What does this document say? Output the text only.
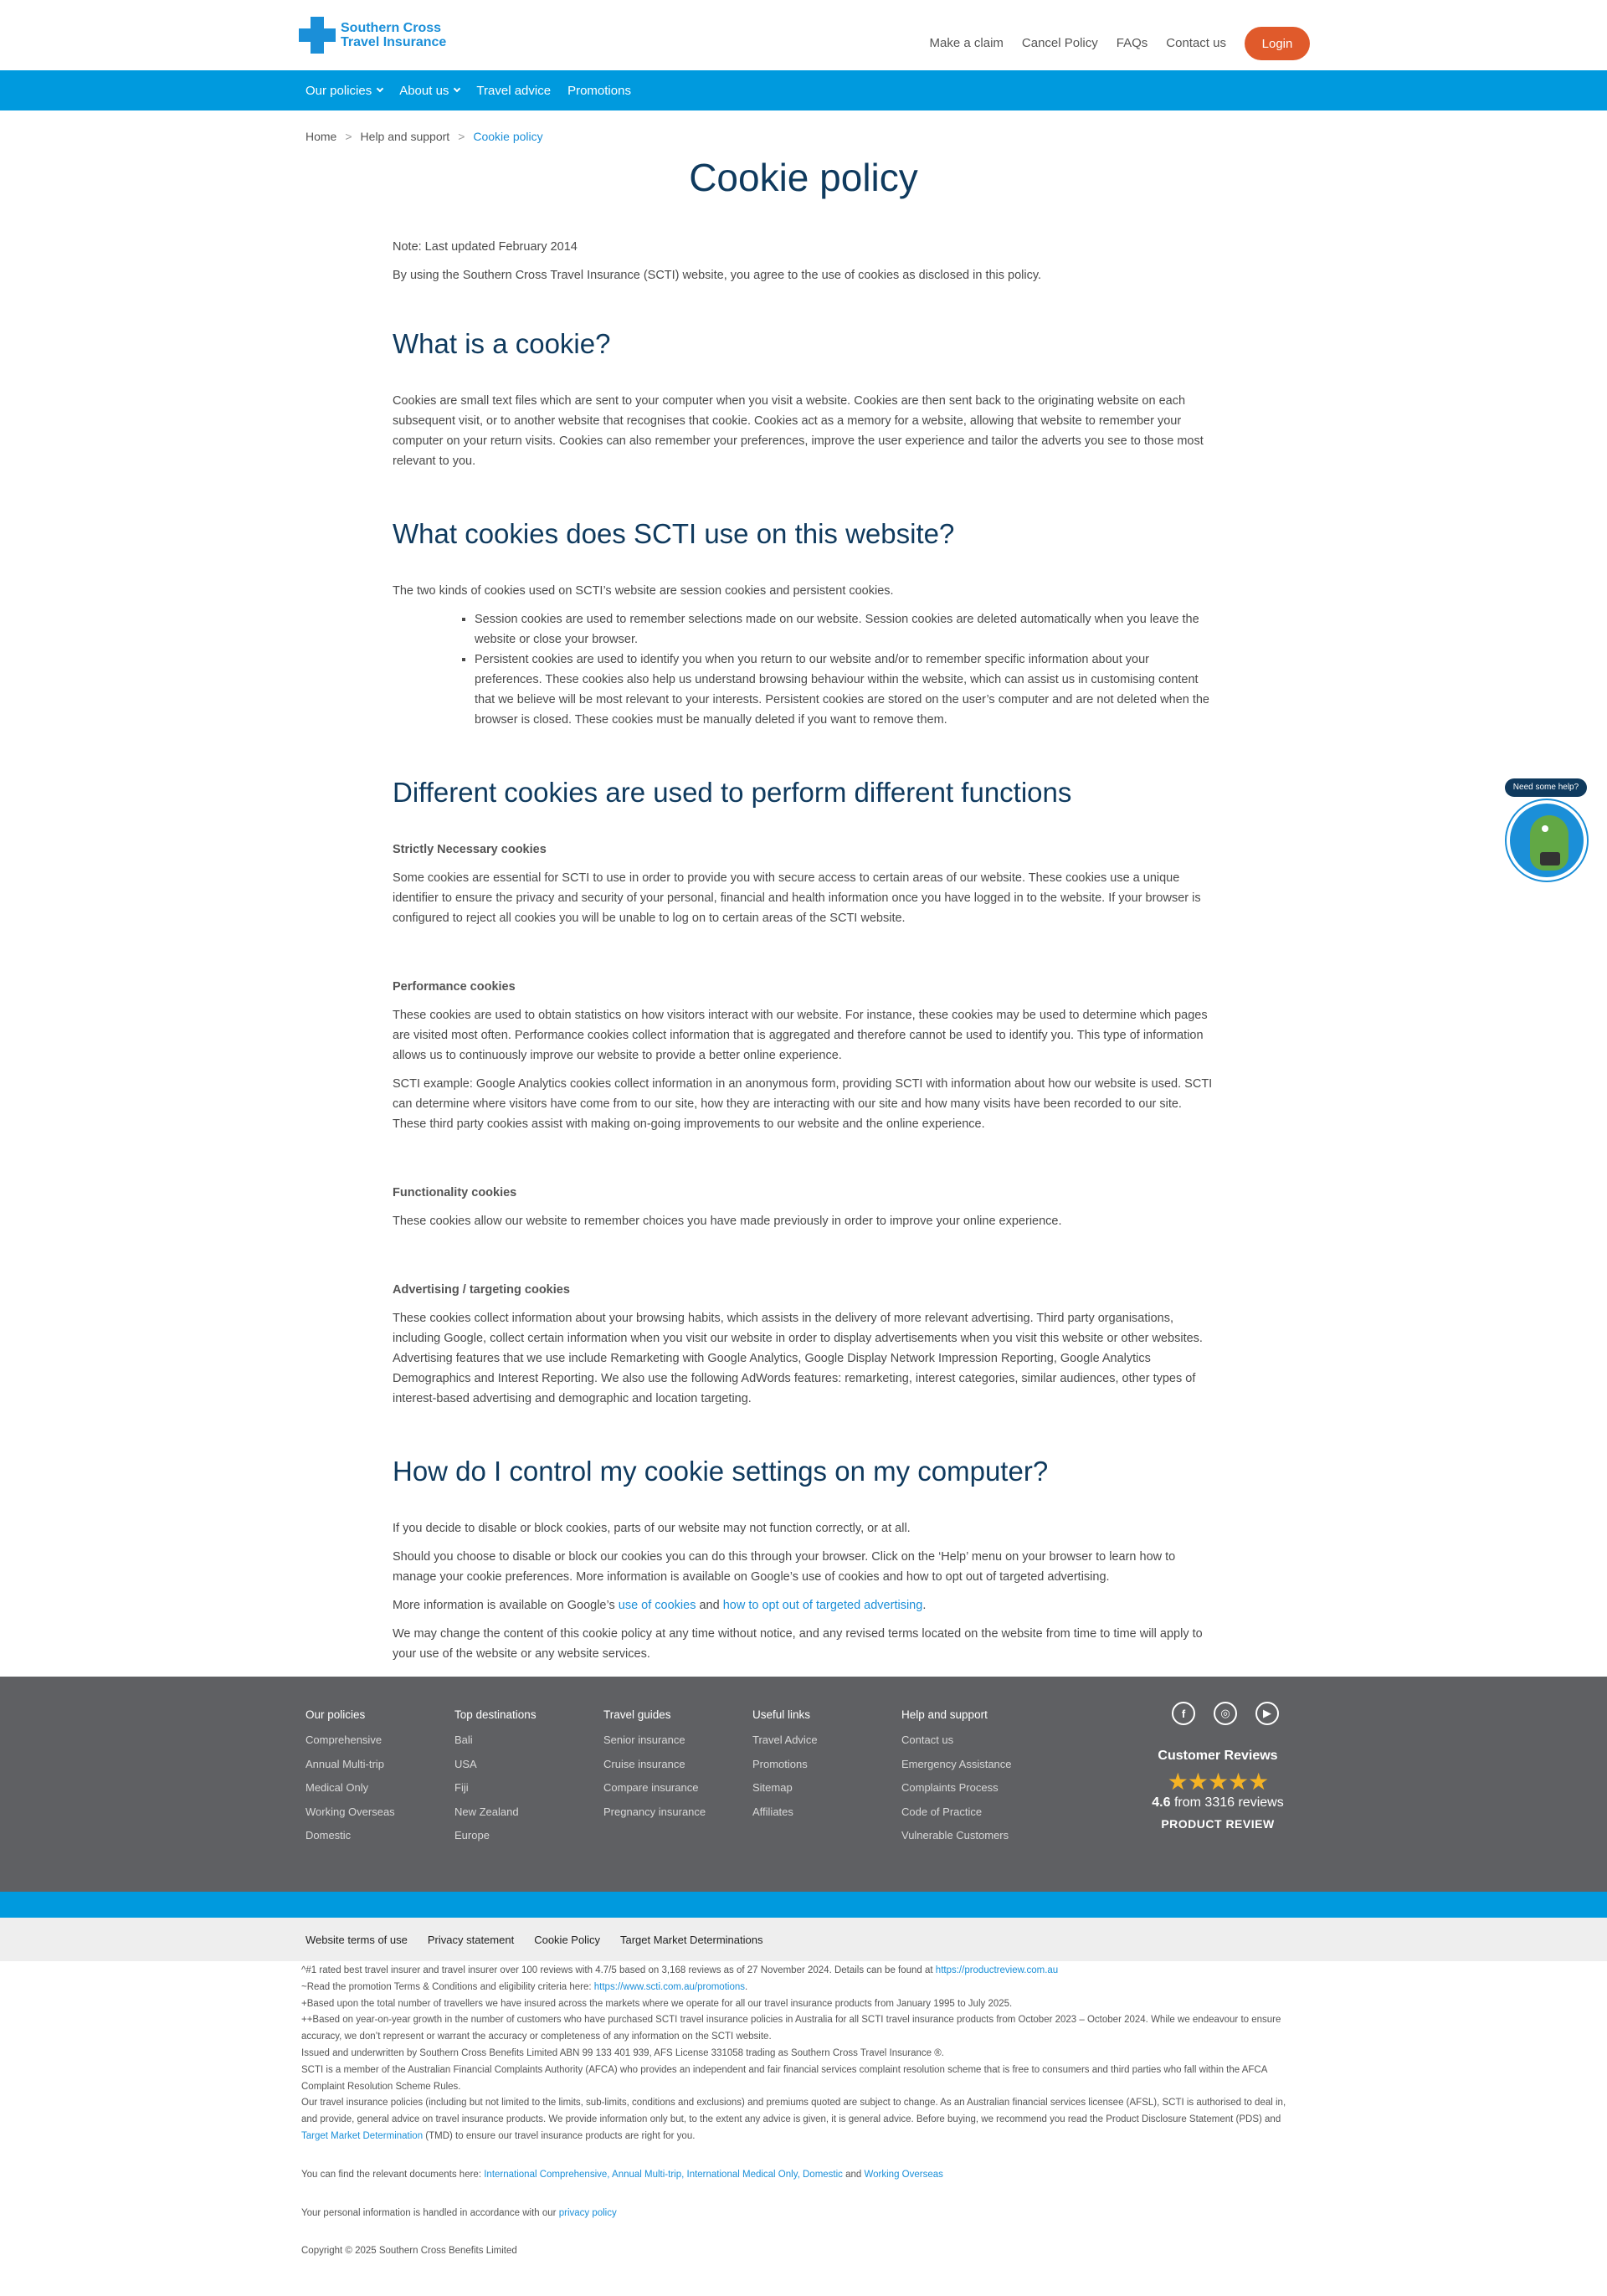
Southern Cross
Travel Insurance	Make a claim Cancel Policy FAQs Contact us	Login
Our policies About us Travel advice Promotions
Home > Help and support > Cookie policy
Cookie policy

Note: Last updated February 2014

By using the Southern Cross Travel Insurance (SCTI) website, you agree to the use of cookies as disclosed in this policy.

What is a cookie?

Cookies are small text files which are sent to your computer when you visit a website. Cookies are then sent back to the originating website on each subsequent visit, or to another website that recognises that cookie. Cookies act as a memory for a website, allowing that website to remember your computer on your return visits. Cookies can also remember your preferences, improve the user experience and tailor the adverts you see to those most relevant to you.

What cookies does SCTI use on this website?

The two kinds of cookies used on SCTI’s website are session cookies and persistent cookies.

▪ Session cookies are used to remember selections made on our website. Session cookies are deleted automatically when you leave the website or close your browser.
▪ Persistent cookies are used to identify you when you return to our website and/or to remember specific information about your preferences. These cookies also help us understand browsing behaviour within the website, which can assist us in customising content that we believe will be most relevant to your interests. Persistent cookies are stored on the user’s computer and are not deleted when the browser is closed. These cookies must be manually deleted if you want to remove them.
Different cookies are used to perform different functions
Strictly Necessary cookies

Some cookies are essential for SCTI to use in order to provide you with secure access to certain areas of our website. These cookies use a unique identifier to ensure the privacy and security of your personal, financial and health information once you have logged in to the website. If your browser is configured to reject all cookies you will be unable to log on to certain areas of the SCTI website.

Performance cookies

These cookies are used to obtain statistics on how visitors interact with our website. For instance, these cookies may be used to determine which pages are visited most often. Performance cookies collect information that is aggregated and therefore cannot be used to identify you. This type of information allows us to continuously improve our website to provide a better online experience.

SCTI example: Google Analytics cookies collect information in an anonymous form, providing SCTI with information about how our website is used. SCTI can determine where visitors have come from to our site, how they are interacting with our site and how many visits have been recorded to our site. These third party cookies assist with making on-going improvements to our website and the online experience.

Functionality cookies

These cookies allow our website to remember choices you have made previously in order to improve your online experience.

Advertising / targeting cookies

These cookies collect information about your browsing habits, which assists in the delivery of more relevant advertising. Third party organisations, including Google, collect certain information when you visit our website in order to display advertisements when you visit this website or other websites. Advertising features that we use include Remarketing with Google Analytics, Google Display Network Impression Reporting, Google Analytics Demographics and Interest Reporting. We also use the following AdWords features: remarketing, interest categories, similar audiences, other types of interest-based advertising and demographic and location targeting.

How do I control my cookie settings on my computer?

If you decide to disable or block cookies, parts of our website may not function correctly, or at all.

Should you choose to disable or block our cookies you can do this through your browser. Click on the ‘Help’ menu on your browser to learn how to manage your cookie preferences. More information is available on Google’s use of cookies and how to opt out of targeted advertising.

More information is available on Google’s use of cookies and how to opt out of targeted advertising.

We may change the content of this cookie policy at any time without notice, and any revised terms located on the website from time to time will apply to your use of the website or any website services.

Need some help?
Our policies
Comprehensive
Annual Multi-trip
Medical Only
Working Overseas
Domestic
Top destinations
Bali
USA
Fiji
New Zealand
Europe
Travel guides
Senior insurance
Cruise insurance
Compare insurance
Pregnancy insurance
Useful links
Travel Advice
Promotions
Sitemap
Affiliates
Help and support
Contact us
Emergency Assistance
Complaints Process
Code of Practice
Vulnerable Customers
f	◎	▶
Customer Reviews
★★★★★
4.6 from 3316 reviews
PRODUCT REVIEW
Website terms of use Privacy statement Cookie Policy Target Market Determinations
^#1 rated best travel insurer and travel insurer over 100 reviews with 4.7/5 based on 3,168 reviews as of 27 November 2024. Details can be found at https://productreview.com.au
~Read the promotion Terms & Conditions and eligibility criteria here: https://www.scti.com.au/promotions.
+Based upon the total number of travellers we have insured across the markets where we operate for all our travel insurance products from January 1995 to July 2025.
++Based on year-on-year growth in the number of customers who have purchased SCTI travel insurance policies in Australia for all SCTI travel insurance products from October 2023 – October 2024. While we endeavour to ensure accuracy, we don’t represent or warrant the accuracy or completeness of any information on the SCTI website.
Issued and underwritten by Southern Cross Benefits Limited ABN 99 133 401 939, AFS License 331058 trading as Southern Cross Travel Insurance ®.
SCTI is a member of the Australian Financial Complaints Authority (AFCA) who provides an independent and fair financial services complaint resolution scheme that is free to consumers and third parties who fall within the AFCA Complaint Resolution Scheme Rules.
Our travel insurance policies (including but not limited to the limits, sub-limits, conditions and exclusions) and premiums quoted are subject to change. As an Australian financial services licensee (AFSL), SCTI is authorised to deal in, and provide, general advice on travel insurance products. We provide information only but, to the extent any advice is given, it is general advice. Before buying, we recommend you read the Product Disclosure Statement (PDS) and Target Market Determination (TMD) to ensure our travel insurance products are right for you.
You can find the relevant documents here: International Comprehensive, Annual Multi-trip, International Medical Only, Domestic and Working Overseas
Your personal information is handled in accordance with our privacy policy
Copyright © 2025 Southern Cross Benefits Limited
